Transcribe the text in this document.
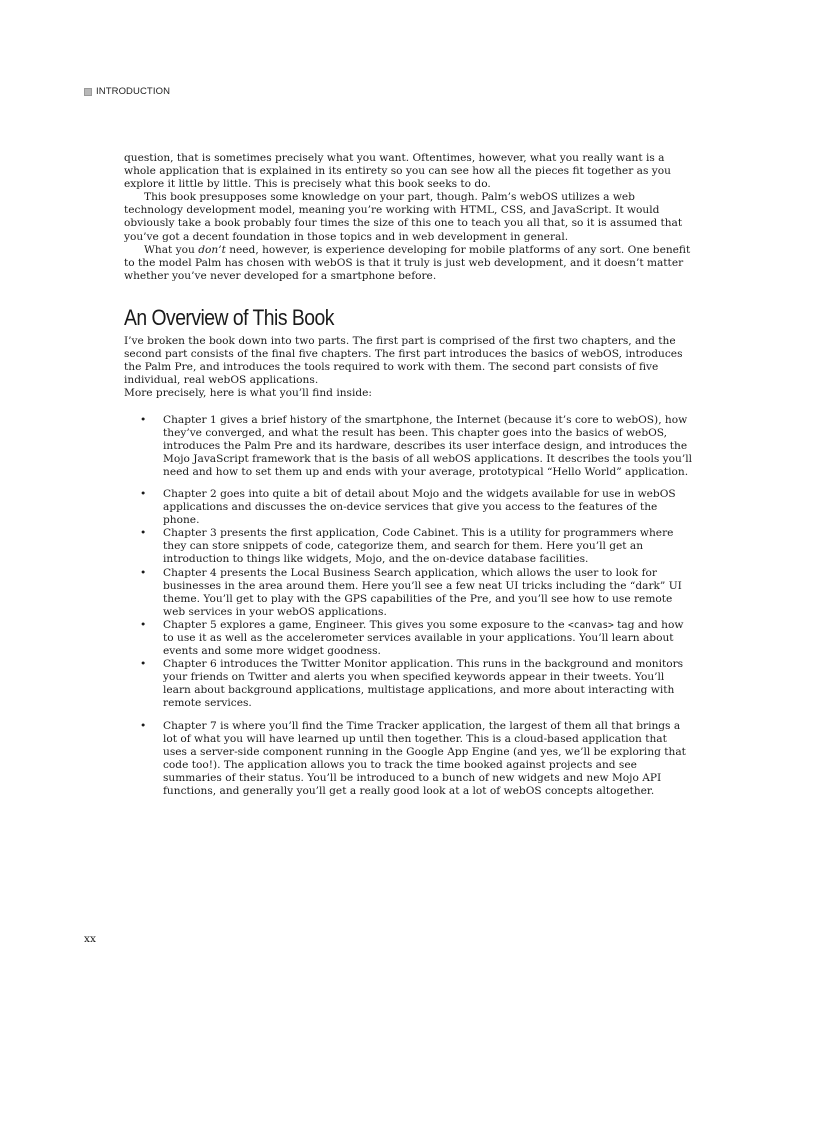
INTRODUCTION

question, that is sometimes precisely what you want. Oftentimes, however, what you really want is a whole application that is explained in its entirety so you can see how all the pieces fit together as you explore it little by little. This is precisely what this book seeks to do.

This book presupposes some knowledge on your part, though. Palm’s webOS utilizes a web technology development model, meaning you’re working with HTML, CSS, and JavaScript. It would obviously take a book probably four times the size of this one to teach you all that, so it is assumed that you’ve got a decent foundation in those topics and in web development in general.

What you don’t need, however, is experience developing for mobile platforms of any sort. One benefit to the model Palm has chosen with webOS is that it truly is just web development, and it doesn’t matter whether you’ve never developed for a smartphone before.

An Overview of This Book

I’ve broken the book down into two parts. The first part is comprised of the first two chapters, and the second part consists of the final five chapters. The first part introduces the basics of webOS, introduces the Palm Pre, and introduces the tools required to work with them. The second part consists of five individual, real webOS applications.

More precisely, here is what you’ll find inside:

• Chapter 1 gives a brief history of the smartphone, the Internet (because it’s core to webOS), how they’ve converged, and what the result has been. This chapter goes into the basics of webOS, introduces the Palm Pre and its hardware, describes its user interface design, and introduces the Mojo JavaScript framework that is the basis of all webOS applications. It describes the tools you’ll need and how to set them up and ends with your average, prototypical “Hello World” application.
• Chapter 2 goes into quite a bit of detail about Mojo and the widgets available for use in webOS applications and discusses the on-device services that give you access to the features of the phone.
• Chapter 3 presents the first application, Code Cabinet. This is a utility for programmers where they can store snippets of code, categorize them, and search for them. Here you’ll get an introduction to things like widgets, Mojo, and the on-device database facilities.
• Chapter 4 presents the Local Business Search application, which allows the user to look for businesses in the area around them. Here you’ll see a few neat UI tricks including the “dark” UI theme. You’ll get to play with the GPS capabilities of the Pre, and you’ll see how to use remote web services in your webOS applications.
• Chapter 5 explores a game, Engineer. This gives you some exposure to the <canvas> tag and how to use it as well as the accelerometer services available in your applications. You’ll learn about events and some more widget goodness.
• Chapter 6 introduces the Twitter Monitor application. This runs in the background and monitors your friends on Twitter and alerts you when specified keywords appear in their tweets. You’ll learn about background applications, multistage applications, and more about interacting with remote services.
• Chapter 7 is where you’ll find the Time Tracker application, the largest of them all that brings a lot of what you will have learned up until then together. This is a cloud-based application that uses a server-side component running in the Google App Engine (and yes, we’ll be exploring that code too!). The application allows you to track the time booked against projects and see summaries of their status. You’ll be introduced to a bunch of new widgets and new Mojo API functions, and generally you’ll get a really good look at a lot of webOS concepts altogether.
xx
